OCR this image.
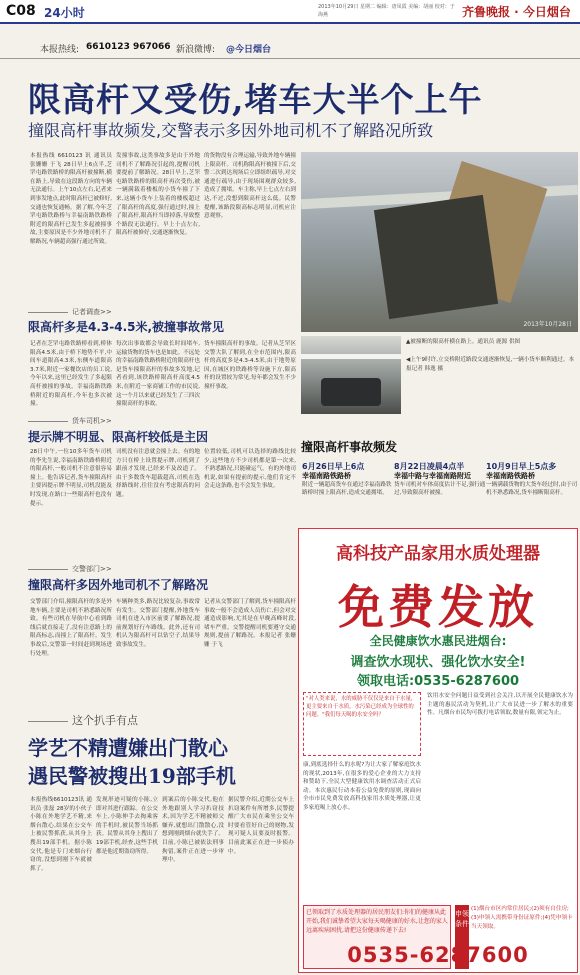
C08 24小时	2013年10月29日 星期二 编辑：唐凤霞 美编：胡丽 校对：于海燕	齐鲁晚报 · 今日烟台
本报热线: 6610123 967066 新浪微博: @今日烟台
限高杆又受伤,堵车大半个上午
撞限高杆事故频发,交警表示多因外地司机不了解路况所致
本报热线 6610123 讯 通讯员 张姗姗 于飞 28日早上6点半,芝罘屯路铁路桥的限高杆被撞断,横在路上,导致在这段路方向的车辆无法通行。上午10点左右,记者来到事发地点,此时限高杆已被修好,交通也恢复通畅。据了解,今年芝罘屯路铁路桥与幸福南路铁路桥附近的限高杆已发生多起被撞事故,主要原因是不少外地司机不了解路况,车辆超高强行通过所致。
发撞事故,这类事故多是由于外地司机不了解路况引起的,提醒司机要提前了解路况。28日早上,芝罘屯路铁路桥的限高杆再次受伤,被一辆满载着楼板的小货车撞了下来,这辆小货车上装着的楼板超过了限高杆的高度,强行通过时,撞上了限高杆,限高杆当即掉落,导致整个路段无法通行。早上十点左右,限高杆被修好,交通逐渐恢复。
的货物没有合理运输,导致外地车辆撞上限高杆。司机称限高杆被撞下后,交警二次到达现场后立即组织疏导,对交通进行疏导,由于现场围观群众较多,造成了拥堵。车主称,早上七点左右到达,不过,没想到限高杆这么低。民警提醒,该路段限高标志明显,司机应注意观察。
2013年10月28日
▲被撞断的限高杆横在路上。通讯员 鹿源 供图
◀上午9时许,立交桥附近路段交通逐渐恢复,一辆小货车顺利通过。本报记者 韩逸 摄
记者调查>>
限高杆多是4.3-4.5米,被撞事故常见
记者在芝罘屯路铁路桥看到,桥体限高4.5米,由于桥下地势不平,中间车道限高4.3米,东侧车道限高3.7米,附近一家餐饮店的员工说,今年以来,这里已经发生了多起限高杆被撞的事故。幸福南路铁路桥附近的限高杆,今年也多次被撞。
每次出事故都会导致长时间堵车,运输货物的货车也是如此。不远处的幸福南路铁路桥附近的限高杆也是货车撞限高杆的事故多发地,记者看到,该铁路桥限高杆高度4.5米,在附近一家商铺工作的市民说,这一个月以来就已经发生了三四次撞限高杆的事故。
货车撞限高杆的事故。记者从芝罘区交警大队了解到,在全市范围内,限高杆的高度多是4.3-4.5米,由于地势原因,在城区的铁路桥等设施下方,限高杆的设置较为常见,每年都会发生不少撞杆事故。
货车司机>>
提示牌不明显、限高杆较低是主因
28日中午,一位10多年货车司机的李先生说,幸福南路铁路桥附近的限高杆,一般司机不注意很容易撞上。他告诉记者,货车撞限高杆主要因提示牌不明显,司机没能及时发现,在路口一些限高杆也没有提示。
司机没有注意就会撞上去。有的地方只在桥上设置提示牌,司机到了跟前才发现,已经来不及改道了。由于多数货车超载超高,司机在选择路线时,往往没有考虑限高的问题。
位置较低,司机可以选择的路线比较少,这些地方不少司机都是第一次来,不熟悉路况,只能碰运气。有的外地司机说,如果有提前的提示,他们肯定不会走这条路,也不会发生事故。
撞限高杆事故频发
6月26日早上6点
幸福南路铁路桥
附近一辆超高货车在通过幸福南路铁路桥时撞上限高杆,造成交通拥堵。
8月22日凌晨4点半
幸福中路与幸福南路附近
货车司机对车体高度估计不足,强行通过,导致限高杆被撞。
10月9日早上5点多
幸福南路铁路桥
一辆满载货物的大货车经过时,由于司机不熟悉路况,货车撞断限高杆。
交警部门>>
撞限高杆多因外地司机不了解路况
交警部门介绍,撞限高杆的多是外地车辆,主要是司机不熟悉路况所致。有些司机在导航中心看到路线后就直接走了,没有注意路上的限高标志,而撞上了限高杆。发生事故后,交警第一时间赶到现场进行处理。
车辆种类多,路况比较复杂,事故常有发生。交警部门提醒,外地货车司机在进入市区前要了解路况,提前规划好行车路线。此外,还有司机认为限高杆可以钻空子,结果导致事故发生。
记者从交警部门了解到,货车撞限高杆事故一般不会造成人员伤亡,但会对交通造成影响,尤其是在早晚高峰时段,堵车严重。交警提醒司机要遵守交通规则,提前了解路况。本报记者 张姗姗 于飞
这个扒手有点
学艺不精遭嫌出门散心
遇民警被搜出19部手机
本报热线6610123讯 通讯员 张磊 28岁的小伙子小陈在外地学艺不精,来烟台散心,结果在公交车上被民警抓获,从其身上搜出19部手机。据小陈交代,他是专门来烟台行窃的,没想到刚下车就被抓了。
发现形迹可疑的小陈,立即对其进行跟踪。在公交车上,小陈伸手去掏乘客的手机时,被民警当场抓获。民警从其身上搜出了19部手机,经查,这些手机都是他近期盗窃所得。
到案后的小陈交代,他在外地跟别人学习扒窃技术,因为学艺不精被师父嫌弃,就想出门散散心,没想到刚到烟台就失手了。目前,小陈已被依法刑事拘留,案件正在进一步审理中。
据民警介绍,近期公交车上扒窃案件有所增多,民警提醒广大市民在乘坐公交车时要看管好自己的财物,发现可疑人员要及时报警。目前此案正在进一步侦办中。
高科技产品家用水质处理器
免费发放
全民健康饮水惠民进烟台:
调查饮水现状、强化饮水安全!
领取电话:0535-6287600
"对人类来说，水的威胁不仅仅是来自于水量，更主要来自于水质，水污染已经成为全球性的问题。"我们每天喝的水安全吗？
康,到底选择什么的水呢?为让大家了解家庭饮水的现状,2013年,在很多的爱心企业的大力支持和赞助下,全民大型健康饮用水调查活动正式启动。本次惠民行动本着公益免费的原则,现面向全市市民免费发放高科技家用水质处理器,让更多家庭喝上放心水。
饮用水安全问题日益受到社会关注,以开展全民健康饮水为主题的惠民活动为契机,让广大市民进一步了解水的重要性。凡烟台市民均可拨打电话领取,数量有限,领完为止。
已领取到了水质处理器的居民朋友们:你们的健康从此开始,我们诚挚希望大家每天喝健康的好水,让您的家人远离疾病困扰,请把这份健康传递下去!
申领条件
(1)烟台市区内常住居民;(2)须有自住房;(3)申领人需携带身份证原件;(4)凭申领卡当天领取。
0535-6287600
